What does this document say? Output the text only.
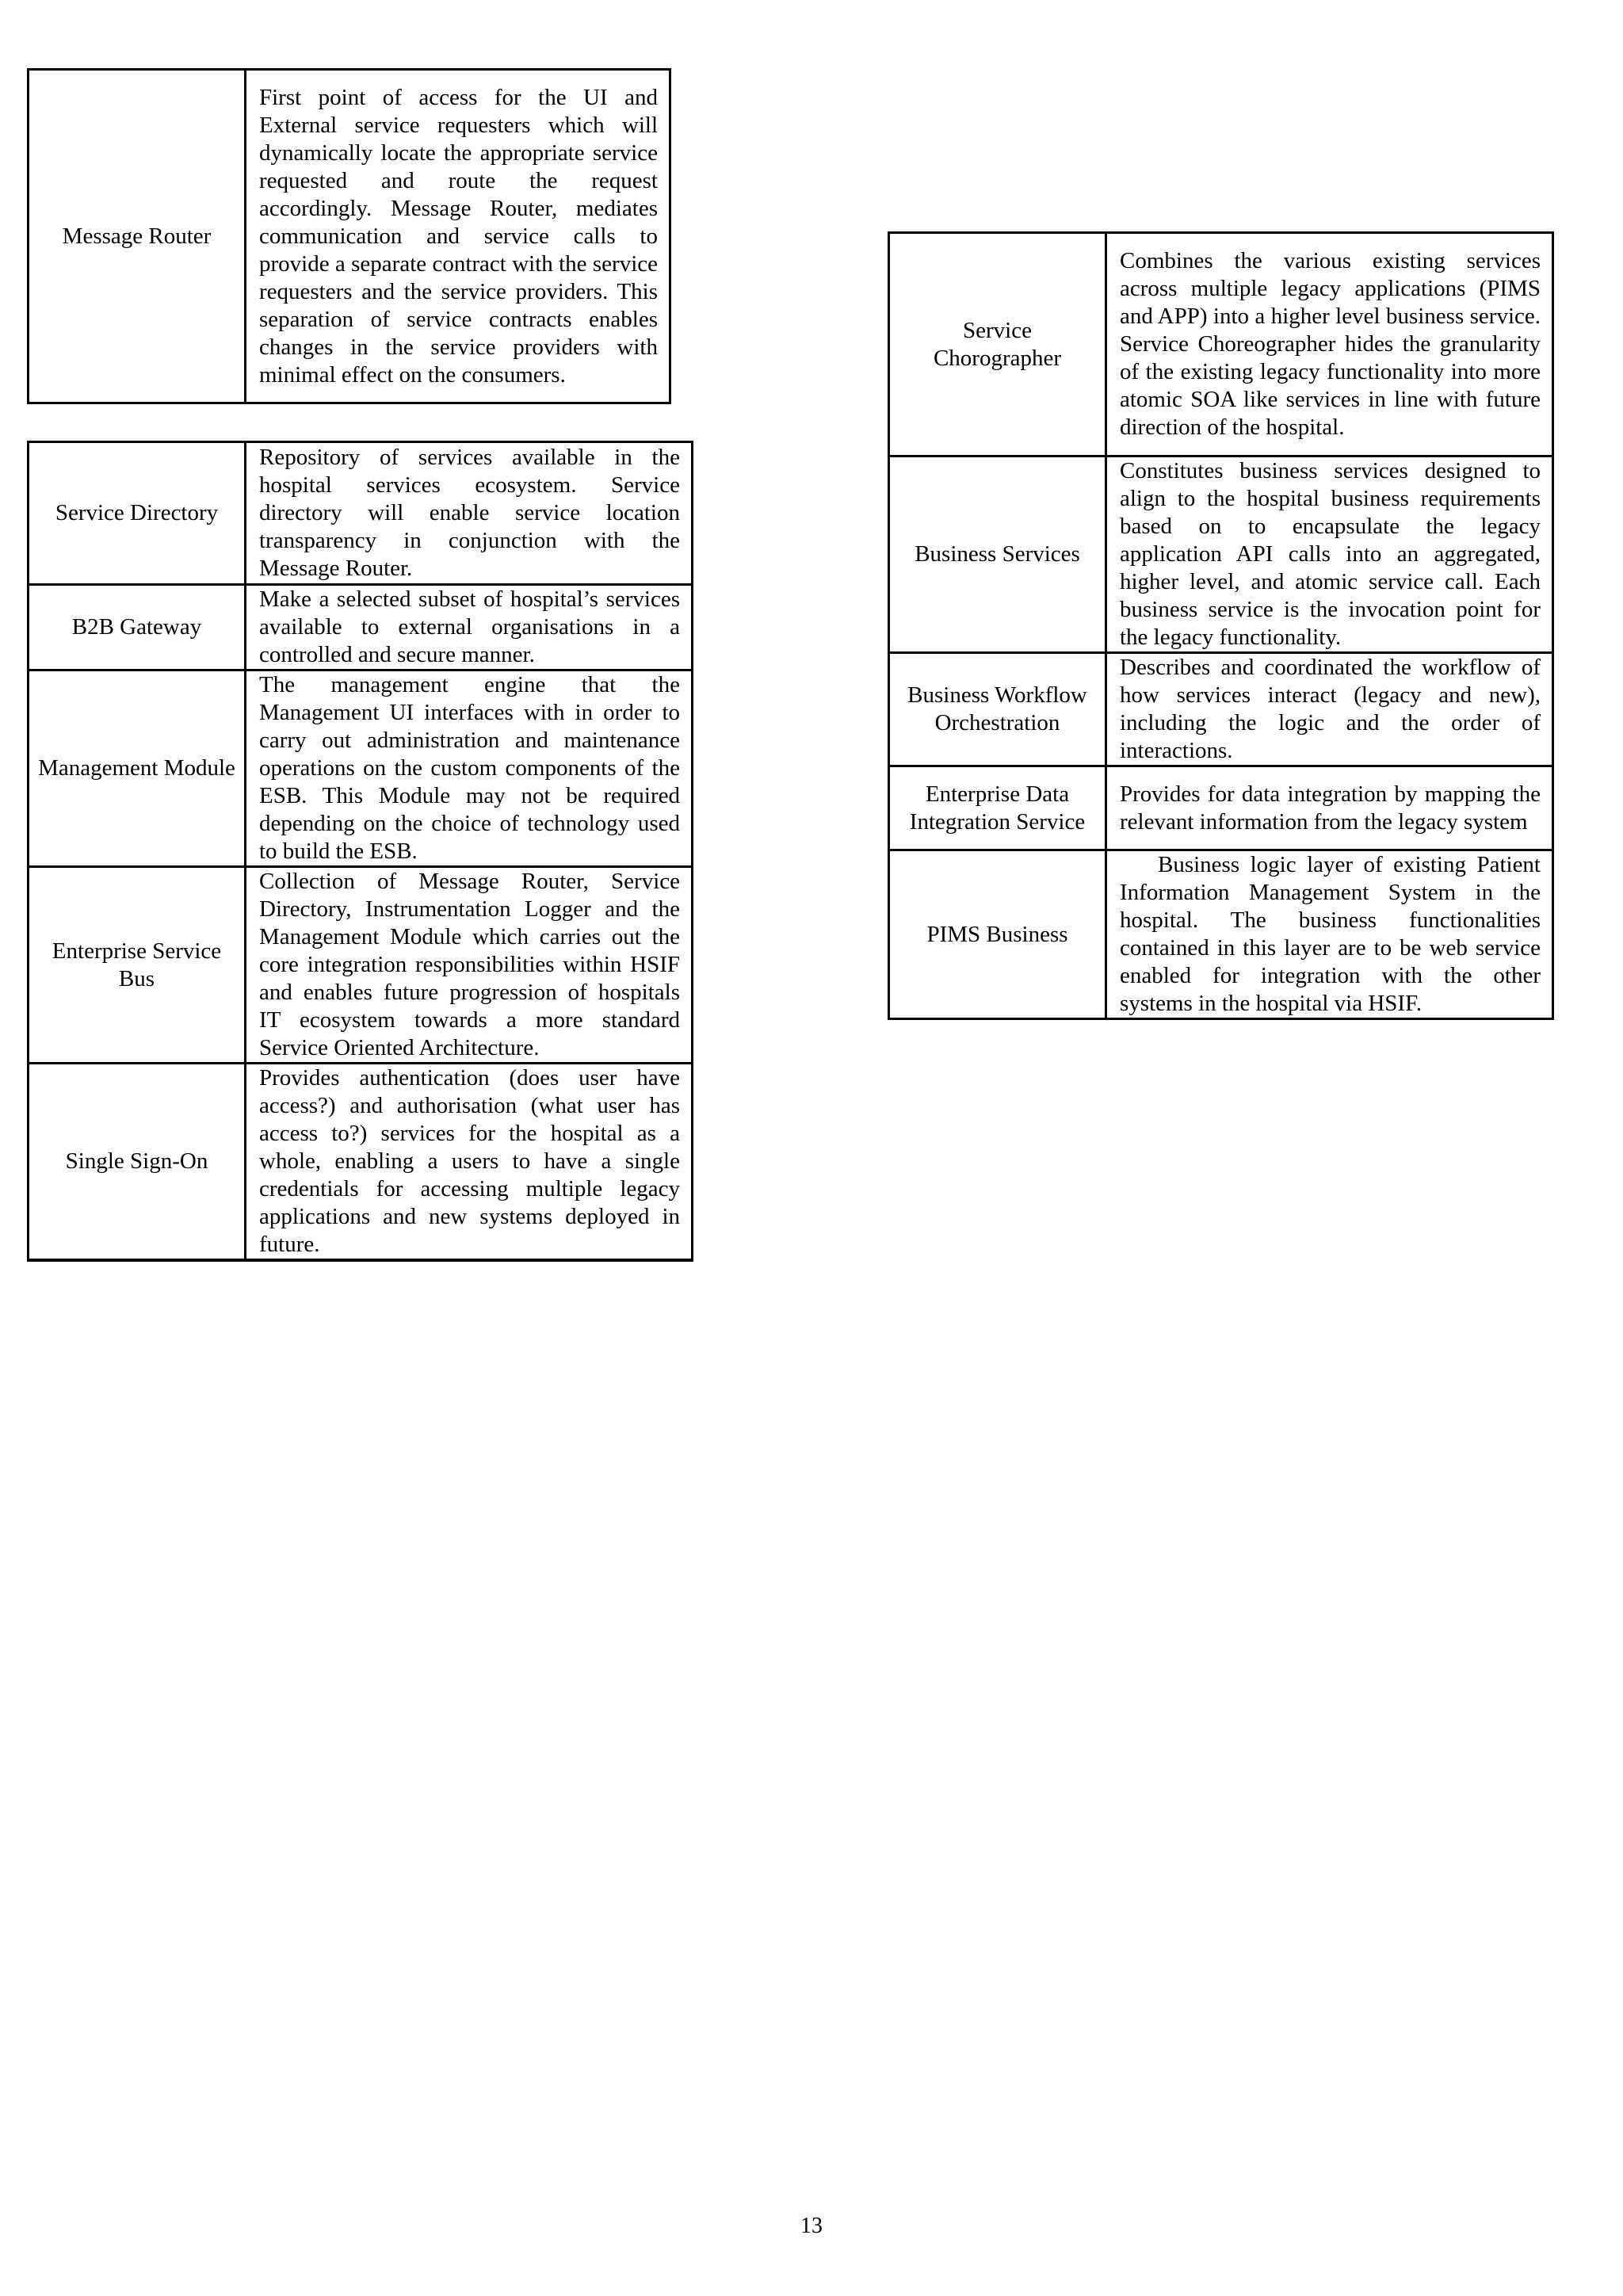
Message Router	First point of access for the UI and External service requesters which will dynamically locate the appropriate service requested and route the request accordingly. Message Router, mediates communication and service calls to provide a separate contract with the service requesters and the service providers. This separation of service contracts enables changes in the service providers with minimal effect on the consumers.
Service Directory	Repository of services available in the hospital services ecosystem. Service directory will enable service location transparency in conjunction with the Message Router.
B2B Gateway	Make a selected subset of hospital’s services available to external organisations in a controlled and secure manner.
Management Module	The management engine that the Management UI interfaces with in order to carry out administration and maintenance operations on the custom components of the ESB. This Module may not be required depending on the choice of technology used to build the ESB.
Enterprise Service Bus	Collection of Message Router, Service Directory, Instrumentation Logger and the Management Module which carries out the core integration responsibilities within HSIF and enables future progression of hospitals IT ecosystem towards a more standard Service Oriented Architecture.
Single Sign-On	Provides authentication (does user have access?) and authorisation (what user has access to?) services for the hospital as a whole, enabling a users to have a single credentials for accessing multiple legacy applications and new systems deployed in future.
Service Chorographer	Combines the various existing services across multiple legacy applications (PIMS and APP) into a higher level business service. Service Choreographer hides the granularity of the existing legacy functionality into more atomic SOA like services in line with future direction of the hospital.
Business Services	Constitutes business services designed to align to the hospital business requirements based on to encapsulate the legacy application API calls into an aggregated, higher level, and atomic service call. Each business service is the invocation point for the legacy functionality.
Business Workflow Orchestration	Describes and coordinated the workflow of how services interact (legacy and new), including the logic and the order of interactions.
Enterprise Data Integration Service	Provides for data integration by mapping the relevant information from the legacy system
PIMS Business	Business logic layer of existing Patient Information Management System in the hospital. The business functionalities contained in this layer are to be web service enabled for integration with the other systems in the hospital via HSIF.
13
